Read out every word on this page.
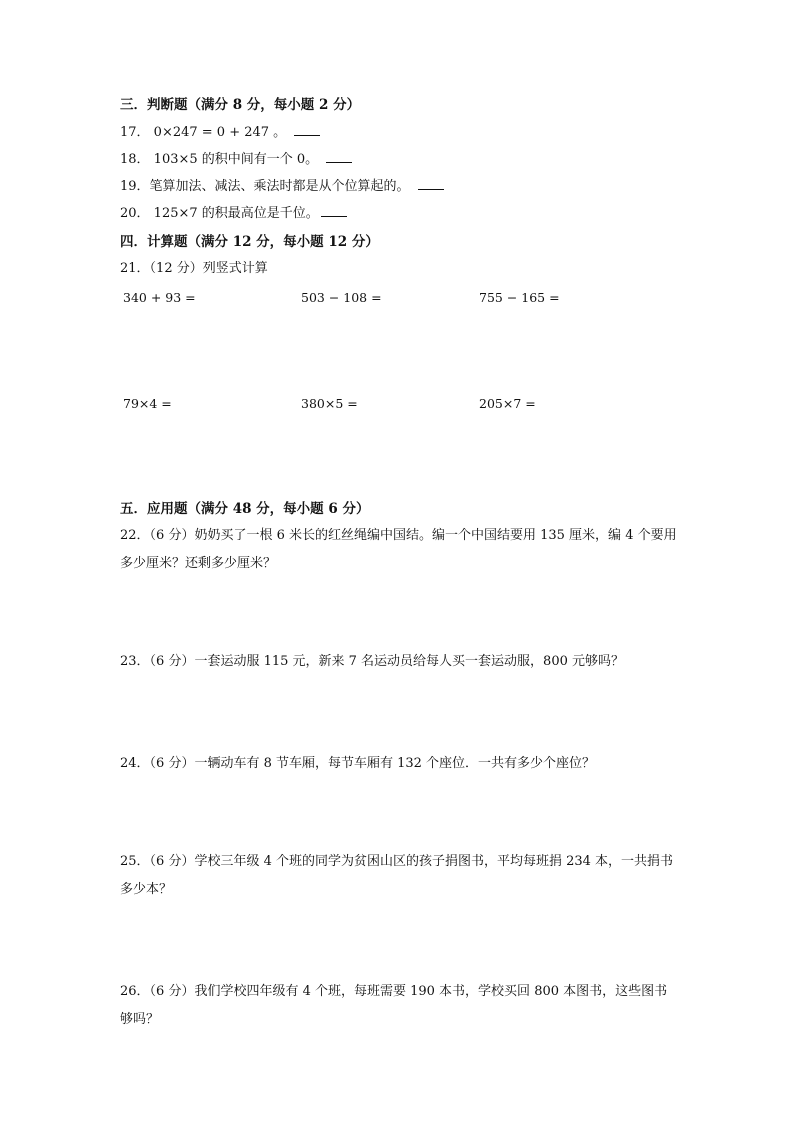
三．判断题（满分 8 分，每小题 2 分）
17． 0×247 = 0 + 247 。
18． 103×5 的积中间有一个 0。
19．笔算加法、减法、乘法时都是从个位算起的。
20． 125×7 的积最高位是千位。
四．计算题（满分 12 分，每小题 12 分）
21．（12 分）列竖式计算
340 + 93 =	503 − 108 =	755 − 165 =
79×4 =	380×5 =	205×7 =
五．应用题（满分 48 分，每小题 6 分）
22．（6 分）奶奶买了一根 6 米长的红丝绳编中国结。编一个中国结要用 135 厘米，编 4 个要用多少厘米？还剩多少厘米？
23．（6 分）一套运动服 115 元，新来 7 名运动员给每人买一套运动服，800 元够吗？
24．（6 分）一辆动车有 8 节车厢，每节车厢有 132 个座位．一共有多少个座位？
25．（6 分）学校三年级 4 个班的同学为贫困山区的孩子捐图书，平均每班捐 234 本，一共捐书多少本？
26．（6 分）我们学校四年级有 4 个班，每班需要 190 本书，学校买回 800 本图书，这些图书够吗？
